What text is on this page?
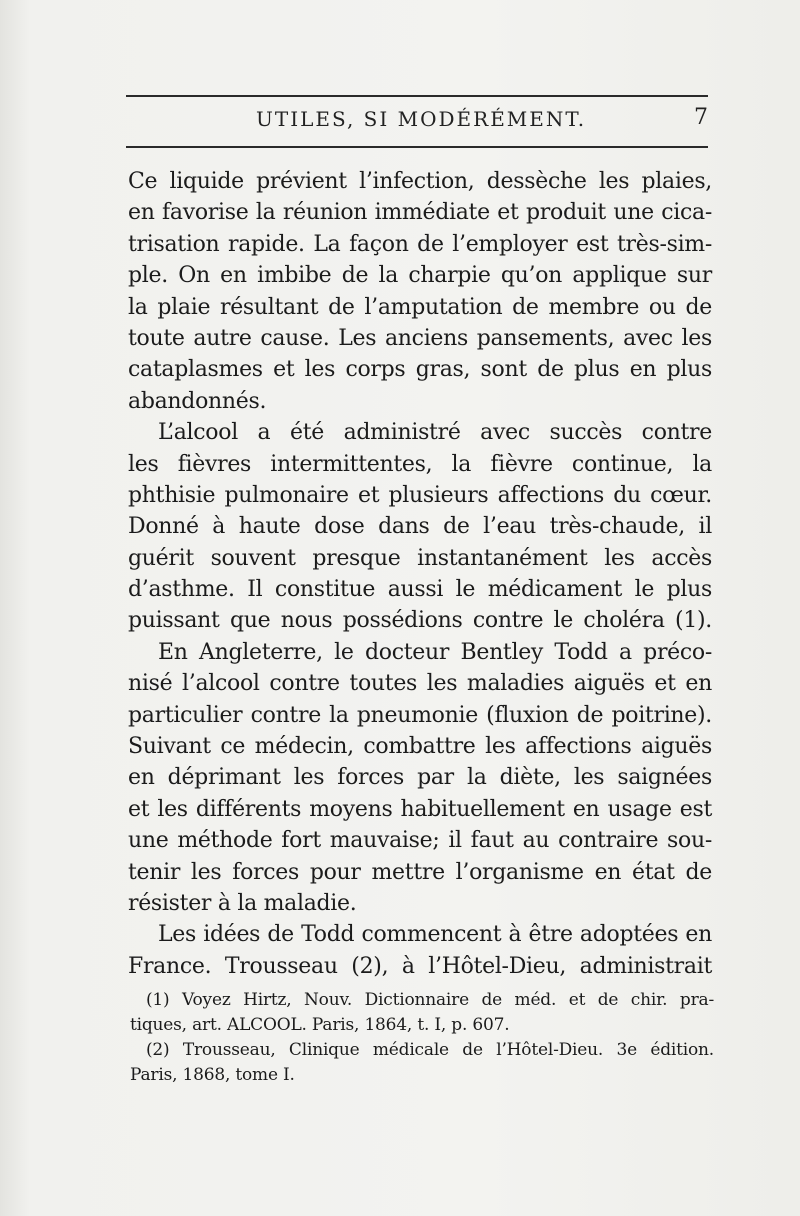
UTILES, SI MODÉRÉMENT.	7
Ce liquide prévient l’infection, dessèche les plaies,
en favorise la réunion immédiate et produit une cica-
trisation rapide. La façon de l’employer est très-sim-
ple. On en imbibe de la charpie qu’on applique sur
la plaie résultant de l’amputation de membre ou de
toute autre cause. Les anciens pansements, avec les
cataplasmes et les corps gras, sont de plus en plus
abandonnés.
L’alcool a été administré avec succès contre
les fièvres intermittentes, la fièvre continue, la
phthisie pulmonaire et plusieurs affections du cœur.
Donné à haute dose dans de l’eau très-chaude, il
guérit souvent presque instantanément les accès
d’asthme. Il constitue aussi le médicament le plus
puissant que nous possédions contre le choléra (1).
En Angleterre, le docteur Bentley Todd a préco-
nisé l’alcool contre toutes les maladies aiguës et en
particulier contre la pneumonie (fluxion de poitrine).
Suivant ce médecin, combattre les affections aiguës
en déprimant les forces par la diète, les saignées
et les différents moyens habituellement en usage est
une méthode fort mauvaise; il faut au contraire sou-
tenir les forces pour mettre l’organisme en état de
résister à la maladie.
Les idées de Todd commencent à être adoptées en
France. Trousseau (2), à l’Hôtel-Dieu, administrait
(1) Voyez Hirtz, Nouv. Dictionnaire de méd. et de chir. pra-
tiques, art. ALCOOL. Paris, 1864, t. I, p. 607.
(2) Trousseau, Clinique médicale de l’Hôtel-Dieu. 3e édition.
Paris, 1868, tome I.
